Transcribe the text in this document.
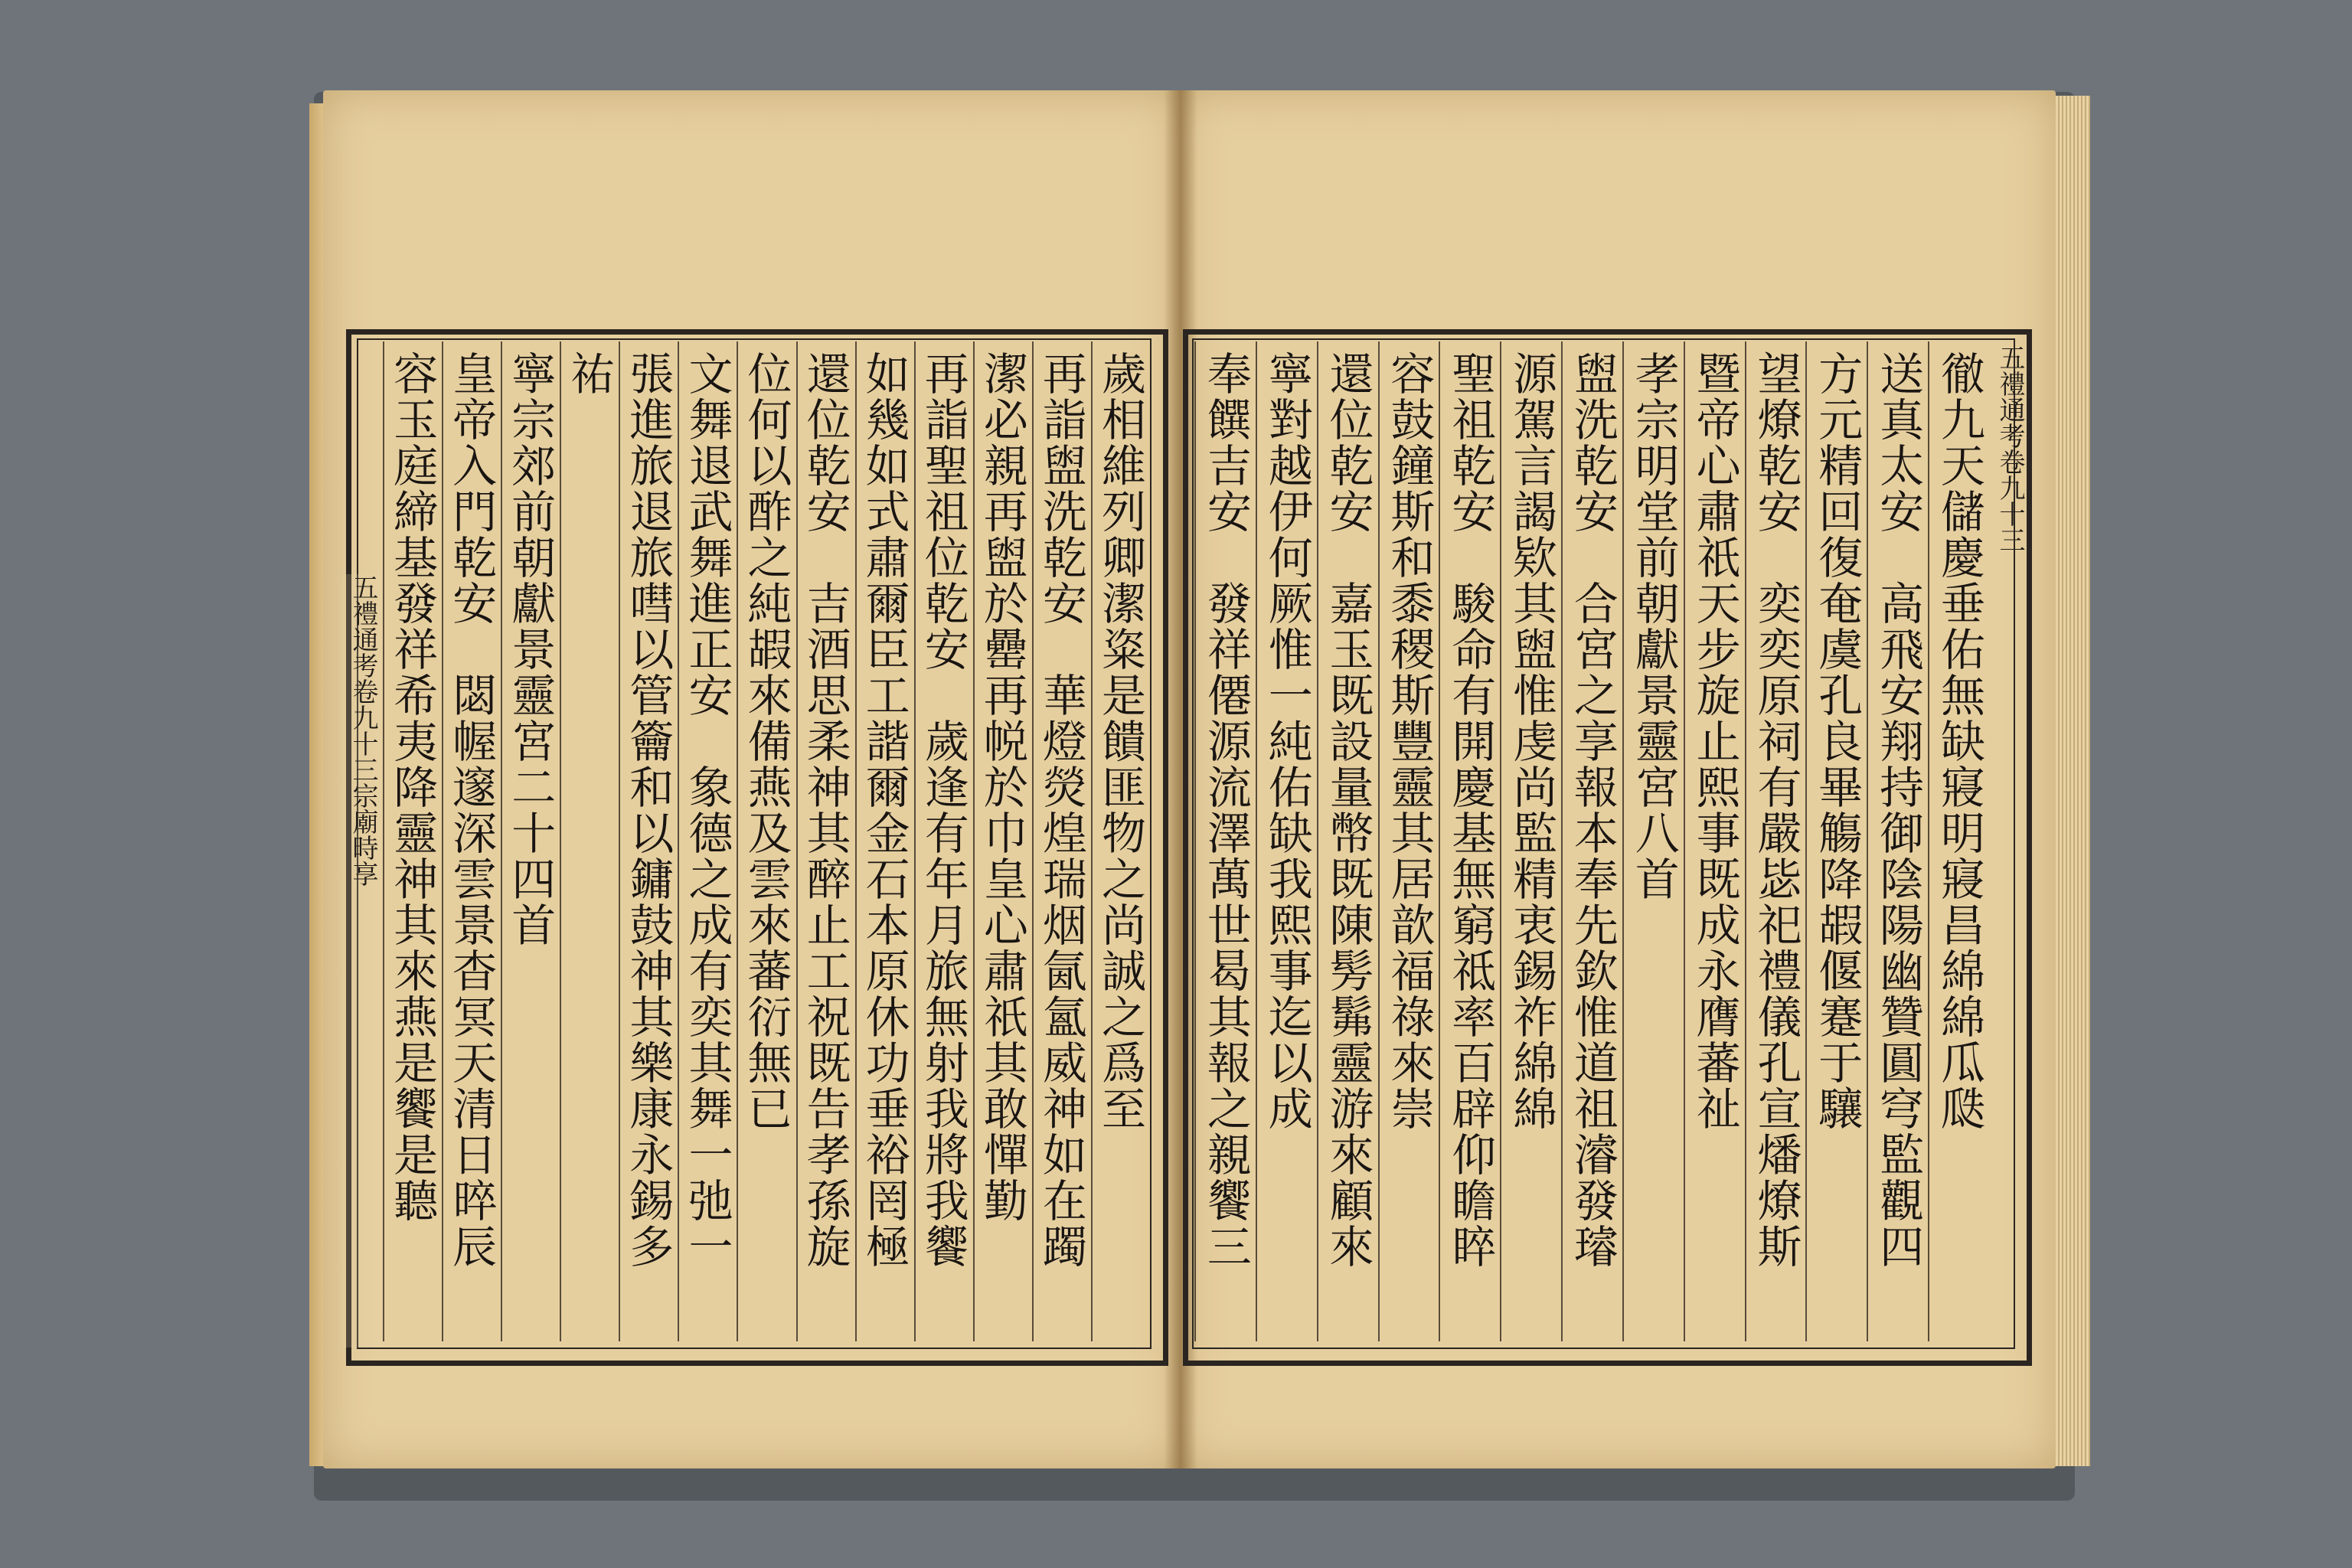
五禮通考卷九十三宗廟時享
五禮通考卷九十三
徹九天儲慶垂佑無缺寢明寢昌綿綿瓜瓞
送真太安　高飛安翔持御陰陽幽贊圓穹監觀四
方元精回復奄虞孔良畢觴降嘏偃蹇于驤
望燎乾安　奕奕原祠有嚴毖祀禮儀孔宣燔燎斯
暨帝心肅祇天步旋止熙事既成永膺蕃祉
孝宗明堂前朝獻景靈宮八首
盥洗乾安　合宮之享報本奉先欽惟道祖濬發璿
源駕言謁欵其盥惟虔尚監精衷錫祚綿綿
聖祖乾安　駿命有開慶基無窮祗率百辟仰瞻睟
容鼓鐘斯和黍稷斯豐靈其居歆福祿來崇
還位乾安　嘉玉既設量幣既陳髣髴靈游來顧來
寧對越伊何厥惟一純佑缺我熙事迄以成
奉饌吉安　發祥僊源流澤萬世曷其報之親饗三
歲相維列卿潔粢是饋匪物之尚誠之爲至
再詣盥洗乾安　華燈熒煌瑞烟氤氳威神如在躅
潔必親再盥於罍再帨於巾皇心肅祇其敢憚勤
再詣聖祖位乾安　歲逢有年月旅無射我將我饗
如幾如式肅爾臣工諧爾金石本原休功垂裕罔極
還位乾安　吉酒思柔神其醉止工祝既告孝孫旋
位何以酢之純嘏來備燕及雲來蕃衍無已
文舞退武舞進正安　象德之成有奕其舞一弛一
張進旅退旅嘒以管籥和以鏞鼓神其樂康永錫多
祐
寧宗郊前朝獻景靈宮二十四首
皇帝入門乾安　閟幄邃深雲景杳冥天清日晬辰
容玉庭締基發祥希夷降靈神其來燕是饗是聽
